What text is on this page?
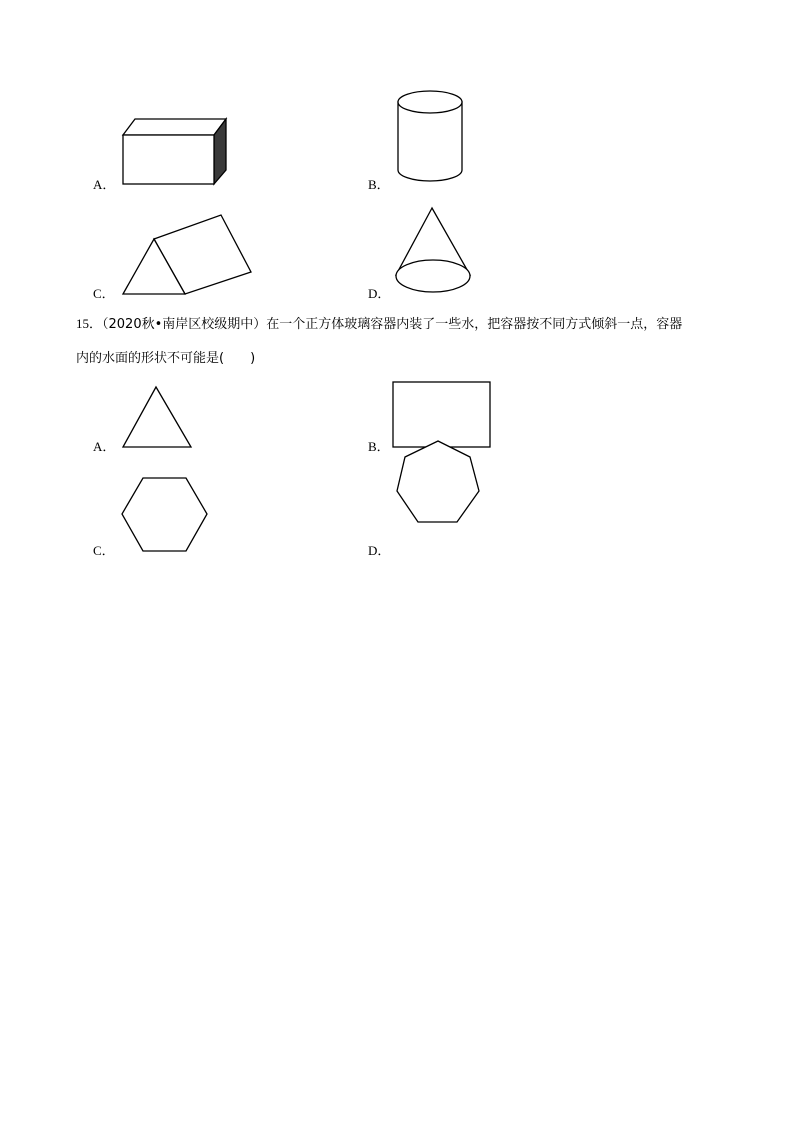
A．	B．
C．	D．
15．（2020秋•南岸区校级期中）在一个正方体玻璃容器内装了一些水，把容器按不同方式倾斜一点，容器
内的水面的形状不可能是(　　)
A．	B．
C．	D．
